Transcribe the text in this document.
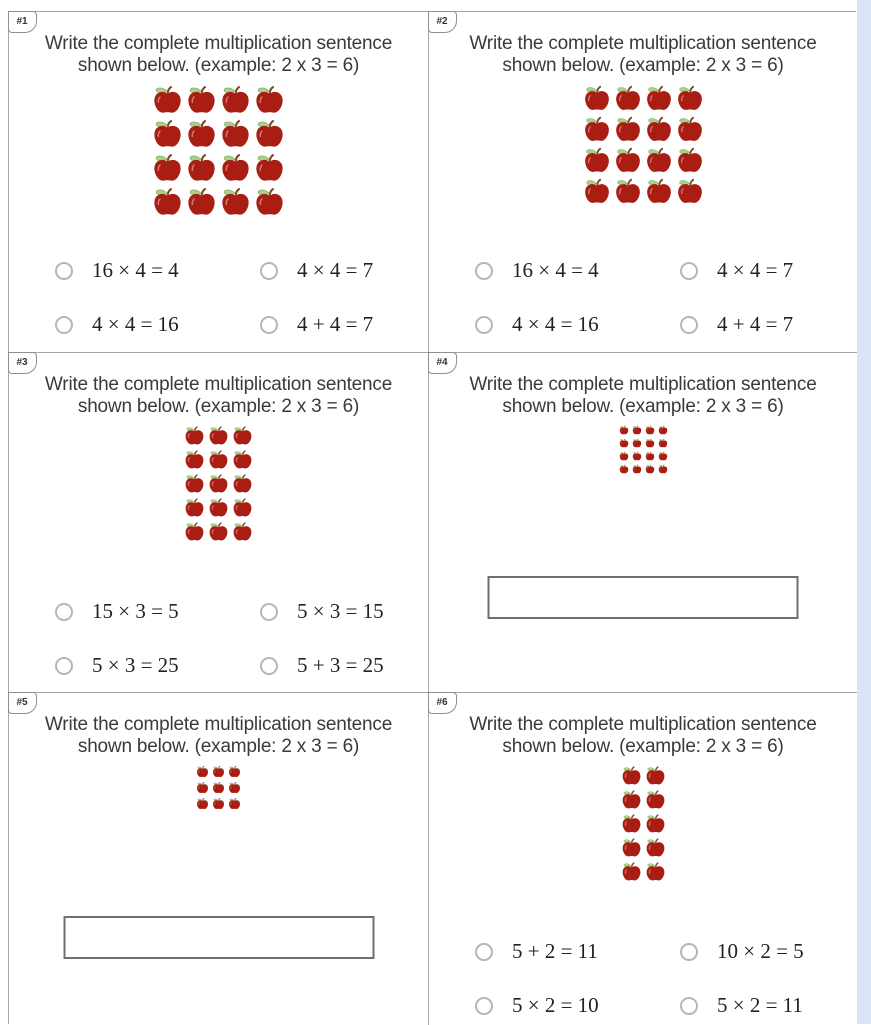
#1
Write the complete multiplication sentence
shown below. (example: 2 x 3 = 6)
16 × 4 = 4	4 × 4 = 7
4 × 4 = 16	4 + 4 = 7
#2
Write the complete multiplication sentence
shown below. (example: 2 x 3 = 6)
16 × 4 = 4	4 × 4 = 7
4 × 4 = 16	4 + 4 = 7
#3
Write the complete multiplication sentence
shown below. (example: 2 x 3 = 6)
15 × 3 = 5	5 × 3 = 15
5 × 3 = 25	5 + 3 = 25
#4
Write the complete multiplication sentence
shown below. (example: 2 x 3 = 6)
#5
Write the complete multiplication sentence
shown below. (example: 2 x 3 = 6)
#6
Write the complete multiplication sentence
shown below. (example: 2 x 3 = 6)
5 + 2 = 11	10 × 2 = 5
5 × 2 = 10	5 × 2 = 11
